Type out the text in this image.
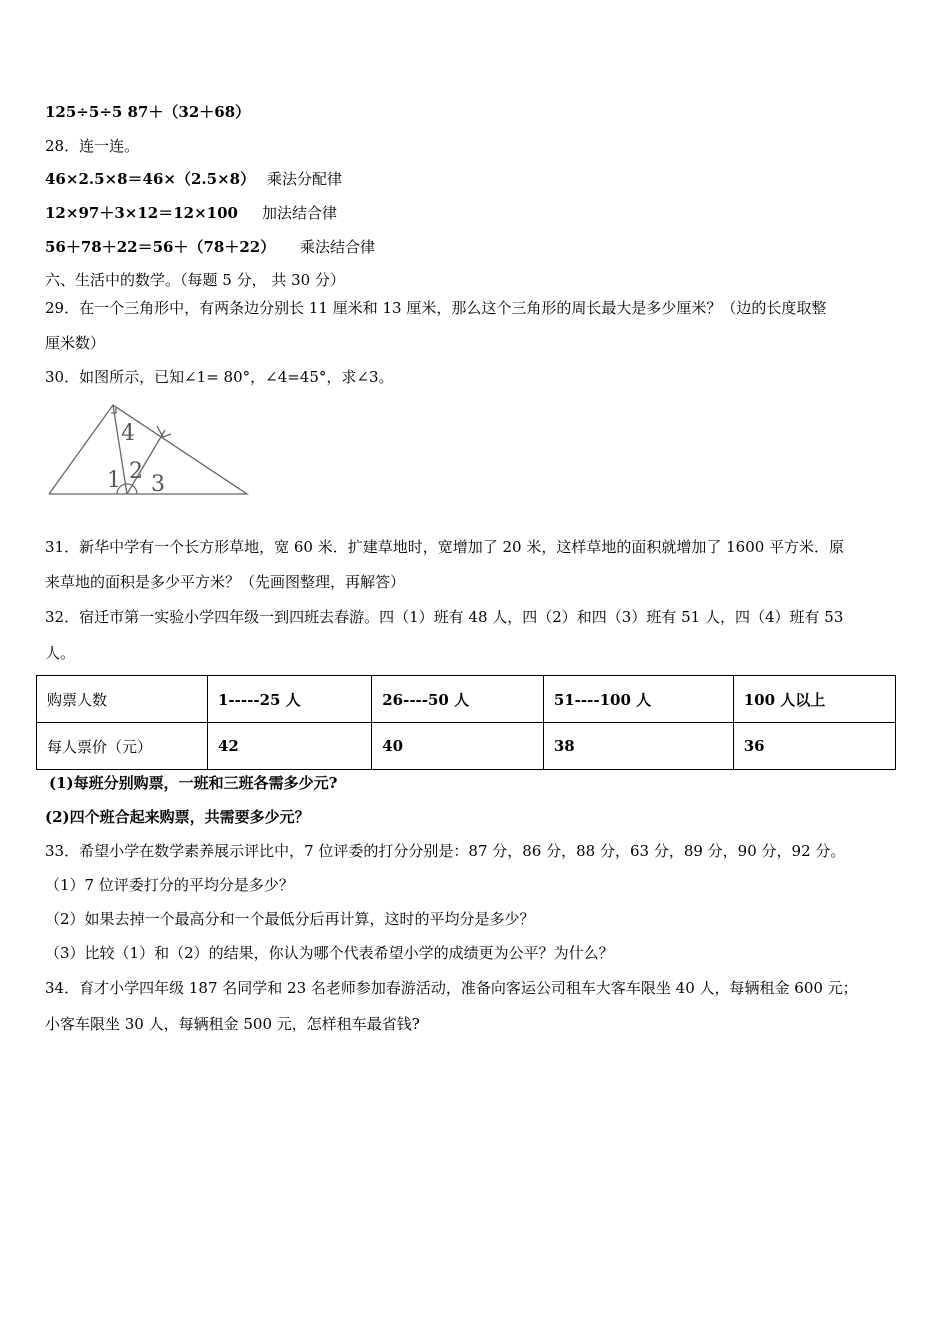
125÷5÷5 87＋（32＋68）
28．连一连。
46×2.5×8＝46×（2.5×8） 乘法分配律
12×97＋3×12＝12×100 加法结合律
56＋78＋22＝56＋（78＋22） 乘法结合律
六、生活中的数学。（每题 5 分， 共 30 分）
29．在一个三角形中，有两条边分别长 11 厘米和 13 厘米，那么这个三角形的周长最大是多少厘米？（边的长度取整
厘米数）
30．如图所示，已知∠1= 80°，∠4=45°，求∠3。
4
1 2
3
31．新华中学有一个长方形草地，宽 60 米．扩建草地时，宽增加了 20 米，这样草地的面积就增加了 1600 平方米．原
来草地的面积是多少平方米？（先画图整理，再解答）
32．宿迁市第一实验小学四年级一到四班去春游。四（1）班有 48 人，四（2）和四（3）班有 51 人，四（4）班有 53
人。
购票人数	1-----25 人	26----50 人	51----100 人	100 人以上
每人票价（元）	42	40	38	36
(1)每班分别购票，一班和三班各需多少元?
(2)四个班合起来购票，共需要多少元？
33．希望小学在数学素养展示评比中，7 位评委的打分分别是：87 分，86 分，88 分，63 分，89 分，90 分，92 分。
（1）7 位评委打分的平均分是多少？
（2）如果去掉一个最高分和一个最低分后再计算，这时的平均分是多少？
（3）比较（1）和（2）的结果，你认为哪个代表希望小学的成绩更为公平？为什么？
34．育才小学四年级 187 名同学和 23 名老师参加春游活动，准备向客运公司租车大客车限坐 40 人，每辆租金 600 元；
小客车限坐 30 人，每辆租金 500 元，怎样租车最省钱?
